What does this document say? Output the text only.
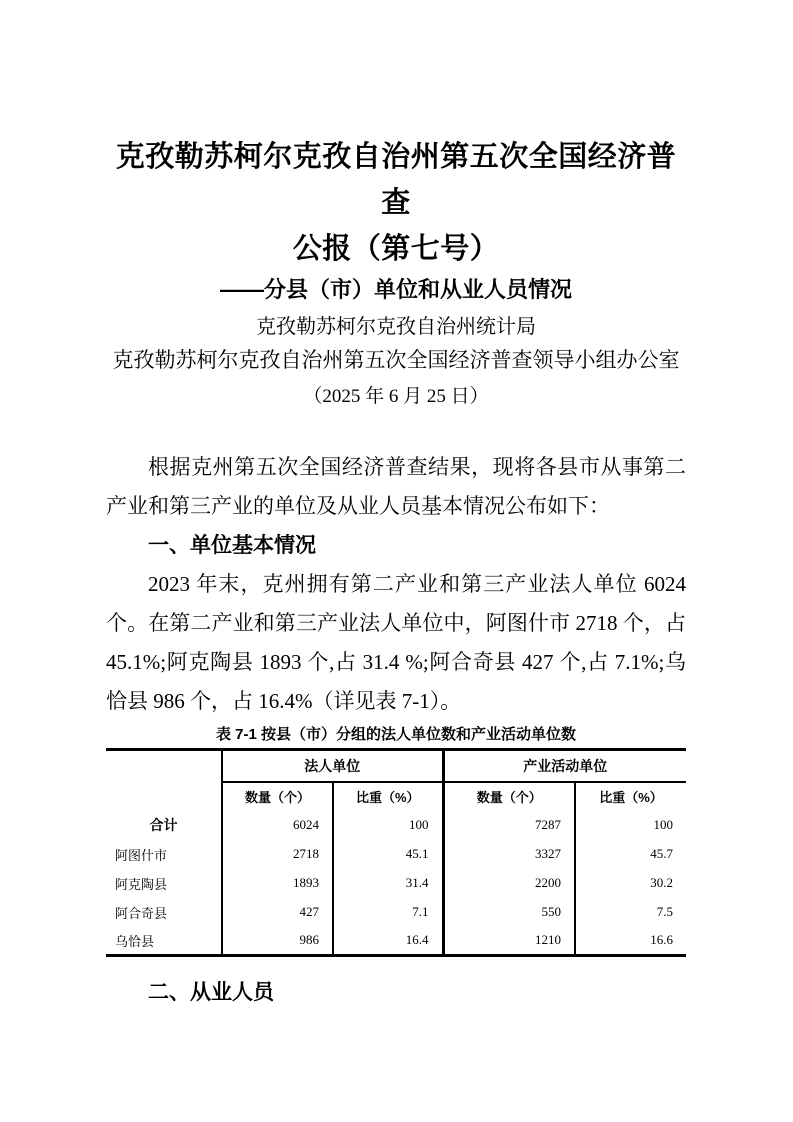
克孜勒苏柯尔克孜自治州第五次全国经济普查
公报（第七号）
——分县（市）单位和从业人员情况
克孜勒苏柯尔克孜自治州统计局
克孜勒苏柯尔克孜自治州第五次全国经济普查领导小组办公室
（2025 年 6 月 25 日）

根据克州第五次全国经济普查结果，现将各县市从事第二产业和第三产业的单位及从业人员基本情况公布如下：

一、单位基本情况

2023 年末，克州拥有第二产业和第三产业法人单位 6024 个。在第二产业和第三产业法人单位中，阿图什市 2718 个，占 45.1%;阿克陶县 1893 个,占 31.4 %;阿合奇县 427 个,占 7.1%;乌恰县 986 个，占 16.4%（详见表 7-1）。

表 7-1 按县（市）分组的法人单位数和产业活动单位数
	法人单位		产业活动单位	
	数量（个）	比重（%）	数量（个）	比重（%）
合计	6024	100	7287	100
阿图什市	2718	45.1	3327	45.7
阿克陶县	1893	31.4	2200	30.2
阿合奇县	427	7.1	550	7.5
乌恰县	986	16.4	1210	16.6
二、从业人员
